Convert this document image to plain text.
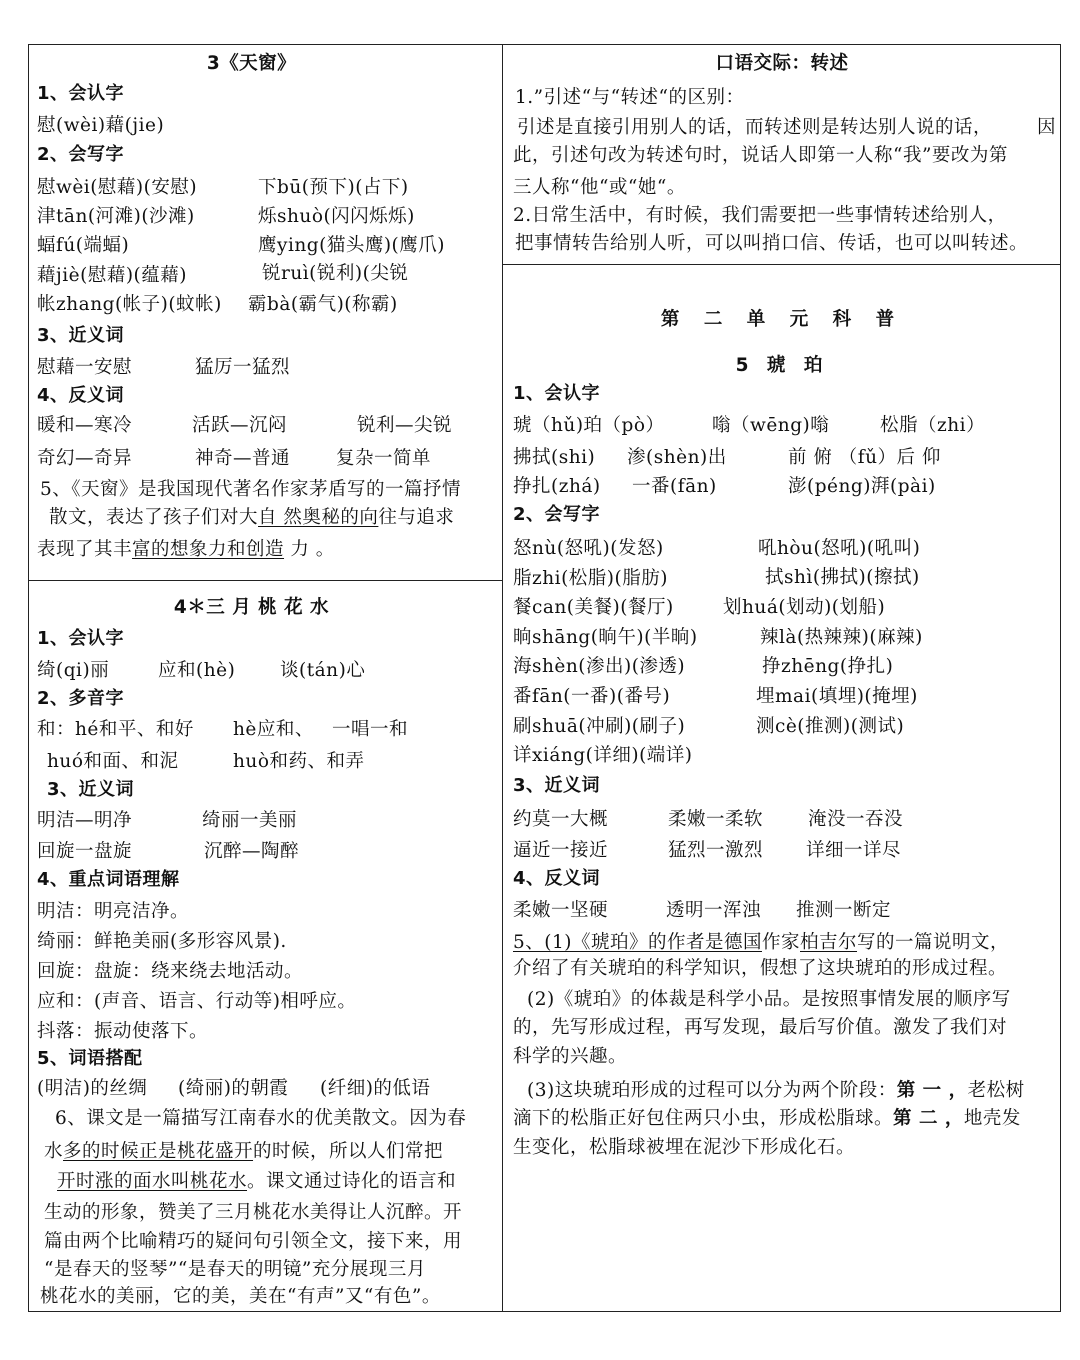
3《天窗》
1、会认字
慰(wèi)藉(jie)
2、会写字
慰wèi(慰藉)(安慰)	下bū(预下)(占下)
津tān(河滩)(沙滩)	烁shuò(闪闪烁烁)
蝠fú(端蝠)	鹰ying(猫头鹰)(鹰爪)
藉jiè(慰藉)(蕴藉)	锐ruì(锐利)(尖锐
帐zhang(帐子)(蚊帐) 霸bà(霸气)(称霸)
3、近义词
慰藉一安慰	猛厉一猛烈
4、反义词
暖和—寒冷	活跃—沉闷	锐利—尖锐
奇幻—奇异	神奇—普通 复杂一简单
5、《天窗》是我国现代著名作家茅盾写的一篇抒情
散文，表达了孩子们对大自 然奥秘的向往与追求
表现了其丰富的想象力和创造 力 。
4＊三 月 桃 花 水
1、会认字
绮(qi)丽	应和(hè) 谈(tán)心
2、多音字
和：hé和平、和好 hè应和、 一唱一和
huó和面、和泥	huò和药、和弄
3、近义词
明洁—明净	绮丽一美丽
回旋一盘旋	沉醉—陶醉
4、重点词语理解
明洁：明亮洁净。
绮丽：鲜艳美丽(多形容风景).
回旋：盘旋：绕来绕去地活动。
应和：(声音、语言、行动等)相呼应。
抖落：振动使落下。
5、词语搭配
(明洁)的丝绸 (绮丽)的朝霞 (纤细)的低语
6、课文是一篇描写江南春水的优美散文。因为春
水多的时候正是桃花盛开的时候，所以人们常把
开时涨的面水叫桃花水。课文通过诗化的语言和
生动的形象，赞美了三月桃花水美得让人沉醉。开
篇由两个比喻精巧的疑问句引领全文，接下来，用
“是春天的竖琴”“是春天的明镜”充分展现三月
桃花水的美丽，它的美，美在“有声”又“有色”。
口语交际：转述
1.”引述“与“转述“的区别：
引述是直接引用别人的话，而转述则是转达别人说的话， 因
此，引述句改为转述句时，说话人即第一人称“我”要改为第
三人称“他“或“她“。
2.日常生活中，有时候，我们需要把一些事情转述给别人，
把事情转告给别人听，可以叫捎口信、传话，也可以叫转述。
第 二 单 元 科 普
5 琥 珀
1、会认字
琥（hǔ)珀（pò）	嗡（wēng)嗡	松脂（zhi）
拂拭(shi) 渗(shèn)出	前 俯 （fǔ）后 仰
挣扎(zhá) 一番(fān)	澎(péng)湃(pài)
2、会写字
怒nù(怒吼)(发怒)	吼hòu(怒吼)(吼叫)
脂zhi(松脂)(脂肪)	拭shì(拂拭)(擦拭)
餐can(美餐)(餐厅)	划huá(划动)(划船)
晌shāng(晌午)(半晌)	辣là(热辣辣)(麻辣)
海shèn(渗出)(渗透)	挣zhēng(挣扎)
番fān(一番)(番号)	埋mai(填埋)(掩埋)
刷shuā(冲刷)(刷子)	测cè(推测)(测试)
详xiáng(详细)(端详)
3、近义词
约莫一大概	柔嫩一柔软 淹没一吞没
逼近一接近	猛烈一激烈 详细一详尽
4、反义词
柔嫩一坚硬	透明一浑浊 推测一断定
5、(1)《琥珀》的作者是德国作家柏吉尔写的一篇说明文，
介绍了有关琥珀的科学知识，假想了这块琥珀的形成过程。
(2)《琥珀》的体裁是科学小品。是按照事情发展的顺序写
的，先写形成过程，再写发现，最后写价值。激发了我们对
科学的兴趣。
(3)这块琥珀形成的过程可以分为两个阶段：第 一 ，老松树
滴下的松脂正好包住两只小虫，形成松脂球。第 二 ，地壳发
生变化，松脂球被埋在泥沙下形成化石。
